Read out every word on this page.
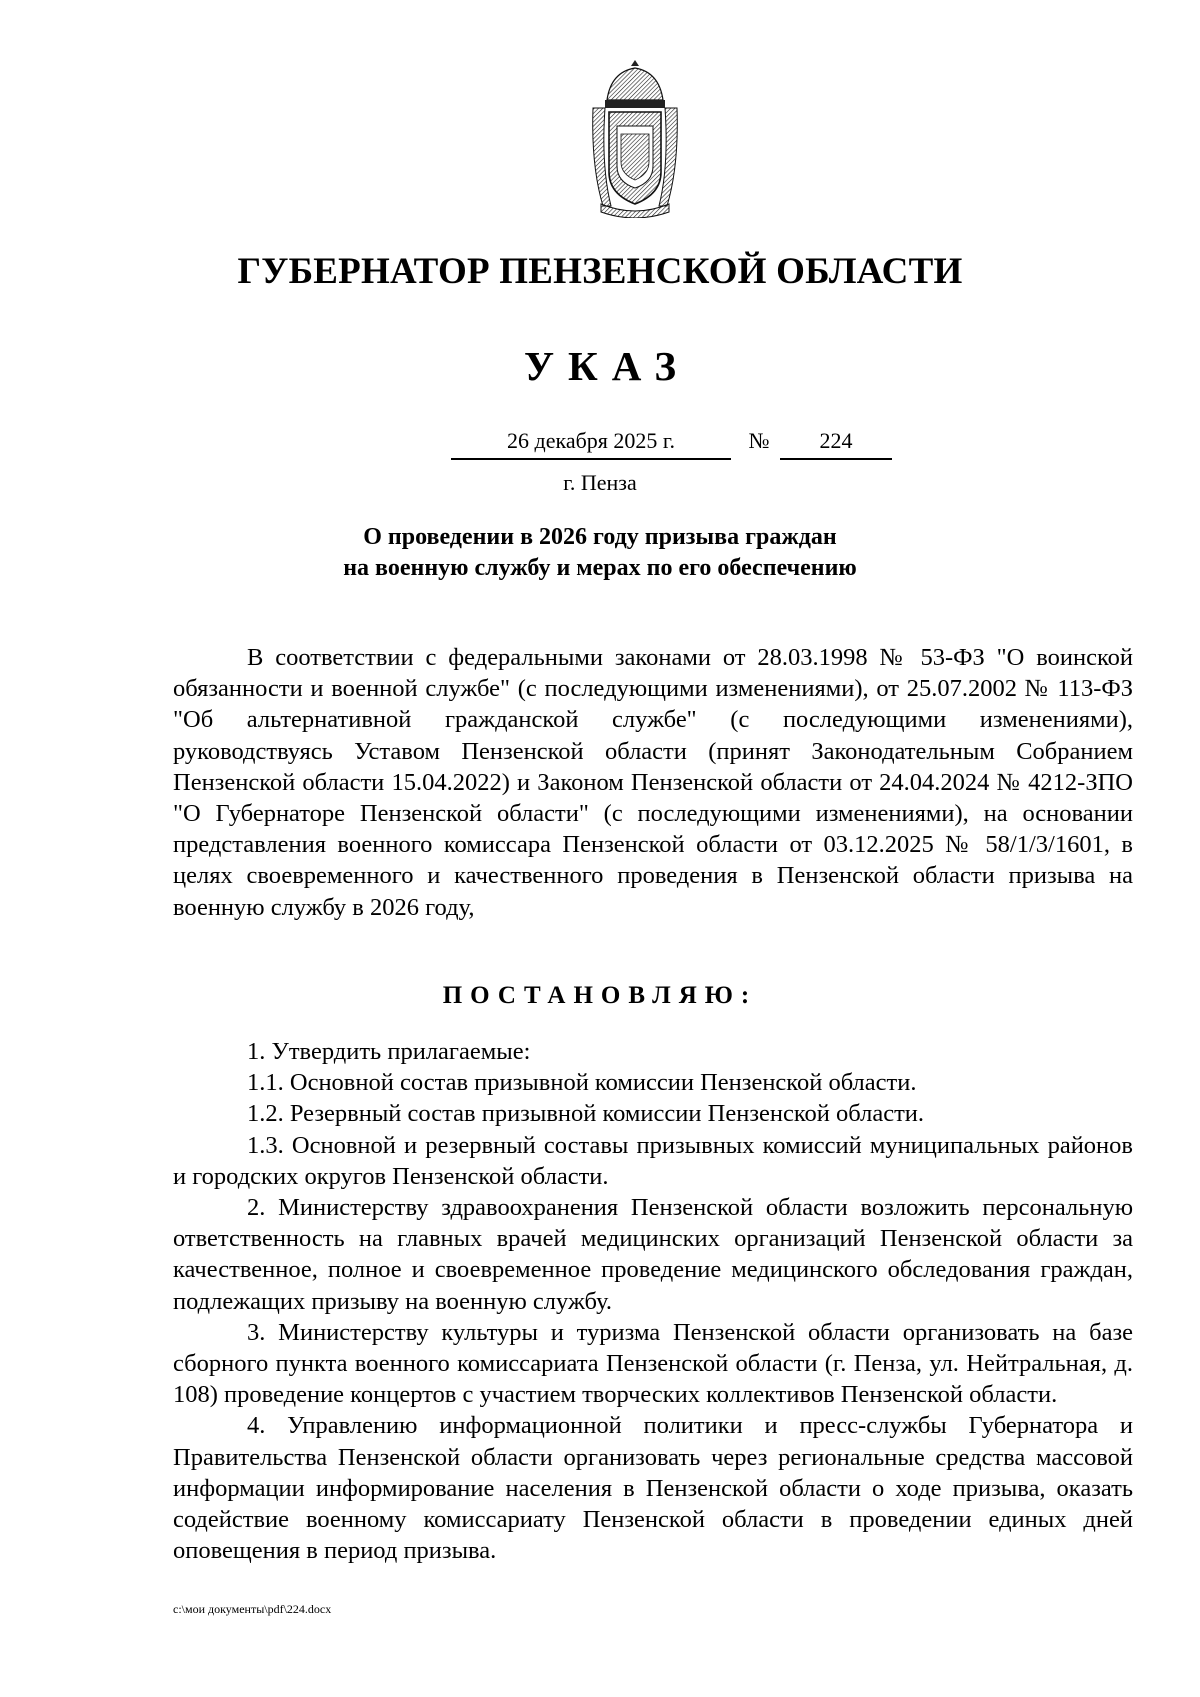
ГУБЕРНАТОР ПЕНЗЕНСКОЙ ОБЛАСТИ
УКАЗ
26 декабря 2025 г.	№	224
г. Пенза
О проведении в 2026 году призыва граждан
на военную службу и мерах по его обеспечению
В соответствии с федеральными законами от 28.03.1998 № 53-ФЗ "О воинской обязанности и военной службе" (с последующими изменениями), от 25.07.2002 № 113-ФЗ "Об альтернативной гражданской службе" (с последующими изменениями), руководствуясь Уставом Пензенской области (принят Законодательным Собранием Пензенской области 15.04.2022) и Законом Пензенской области от 24.04.2024 № 4212-ЗПО "О Губернаторе Пензенской области" (с последующими изменениями), на основании представления военного комиссара Пензенской области от 03.12.2025 № 58/1/3/1601, в целях своевременного и качественного проведения в Пензенской области призыва на военную службу в 2026 году,
ПОСТАНОВЛЯЮ:

1. Утвердить прилагаемые:

1.1. Основной состав призывной комиссии Пензенской области.

1.2. Резервный состав призывной комиссии Пензенской области.

1.3. Основной и резервный составы призывных комиссий муниципальных районов и городских округов Пензенской области.

2. Министерству здравоохранения Пензенской области возложить персональную ответственность на главных врачей медицинских организаций Пензенской области за качественное, полное и своевременное проведение медицинского обследования граждан, подлежащих призыву на военную службу.

3. Министерству культуры и туризма Пензенской области организовать на базе сборного пункта военного комиссариата Пензенской области (г. Пенза, ул. Нейтральная, д. 108) проведение концертов с участием творческих коллективов Пензенской области.

4. Управлению информационной политики и пресс-службы Губернатора и Правительства Пензенской области организовать через региональные средства массовой информации информирование населения в Пензенской области о ходе призыва, оказать содействие военному комиссариату Пензенской области в проведении единых дней оповещения в период призыва.

c:\мои документы\pdf\224.docx
